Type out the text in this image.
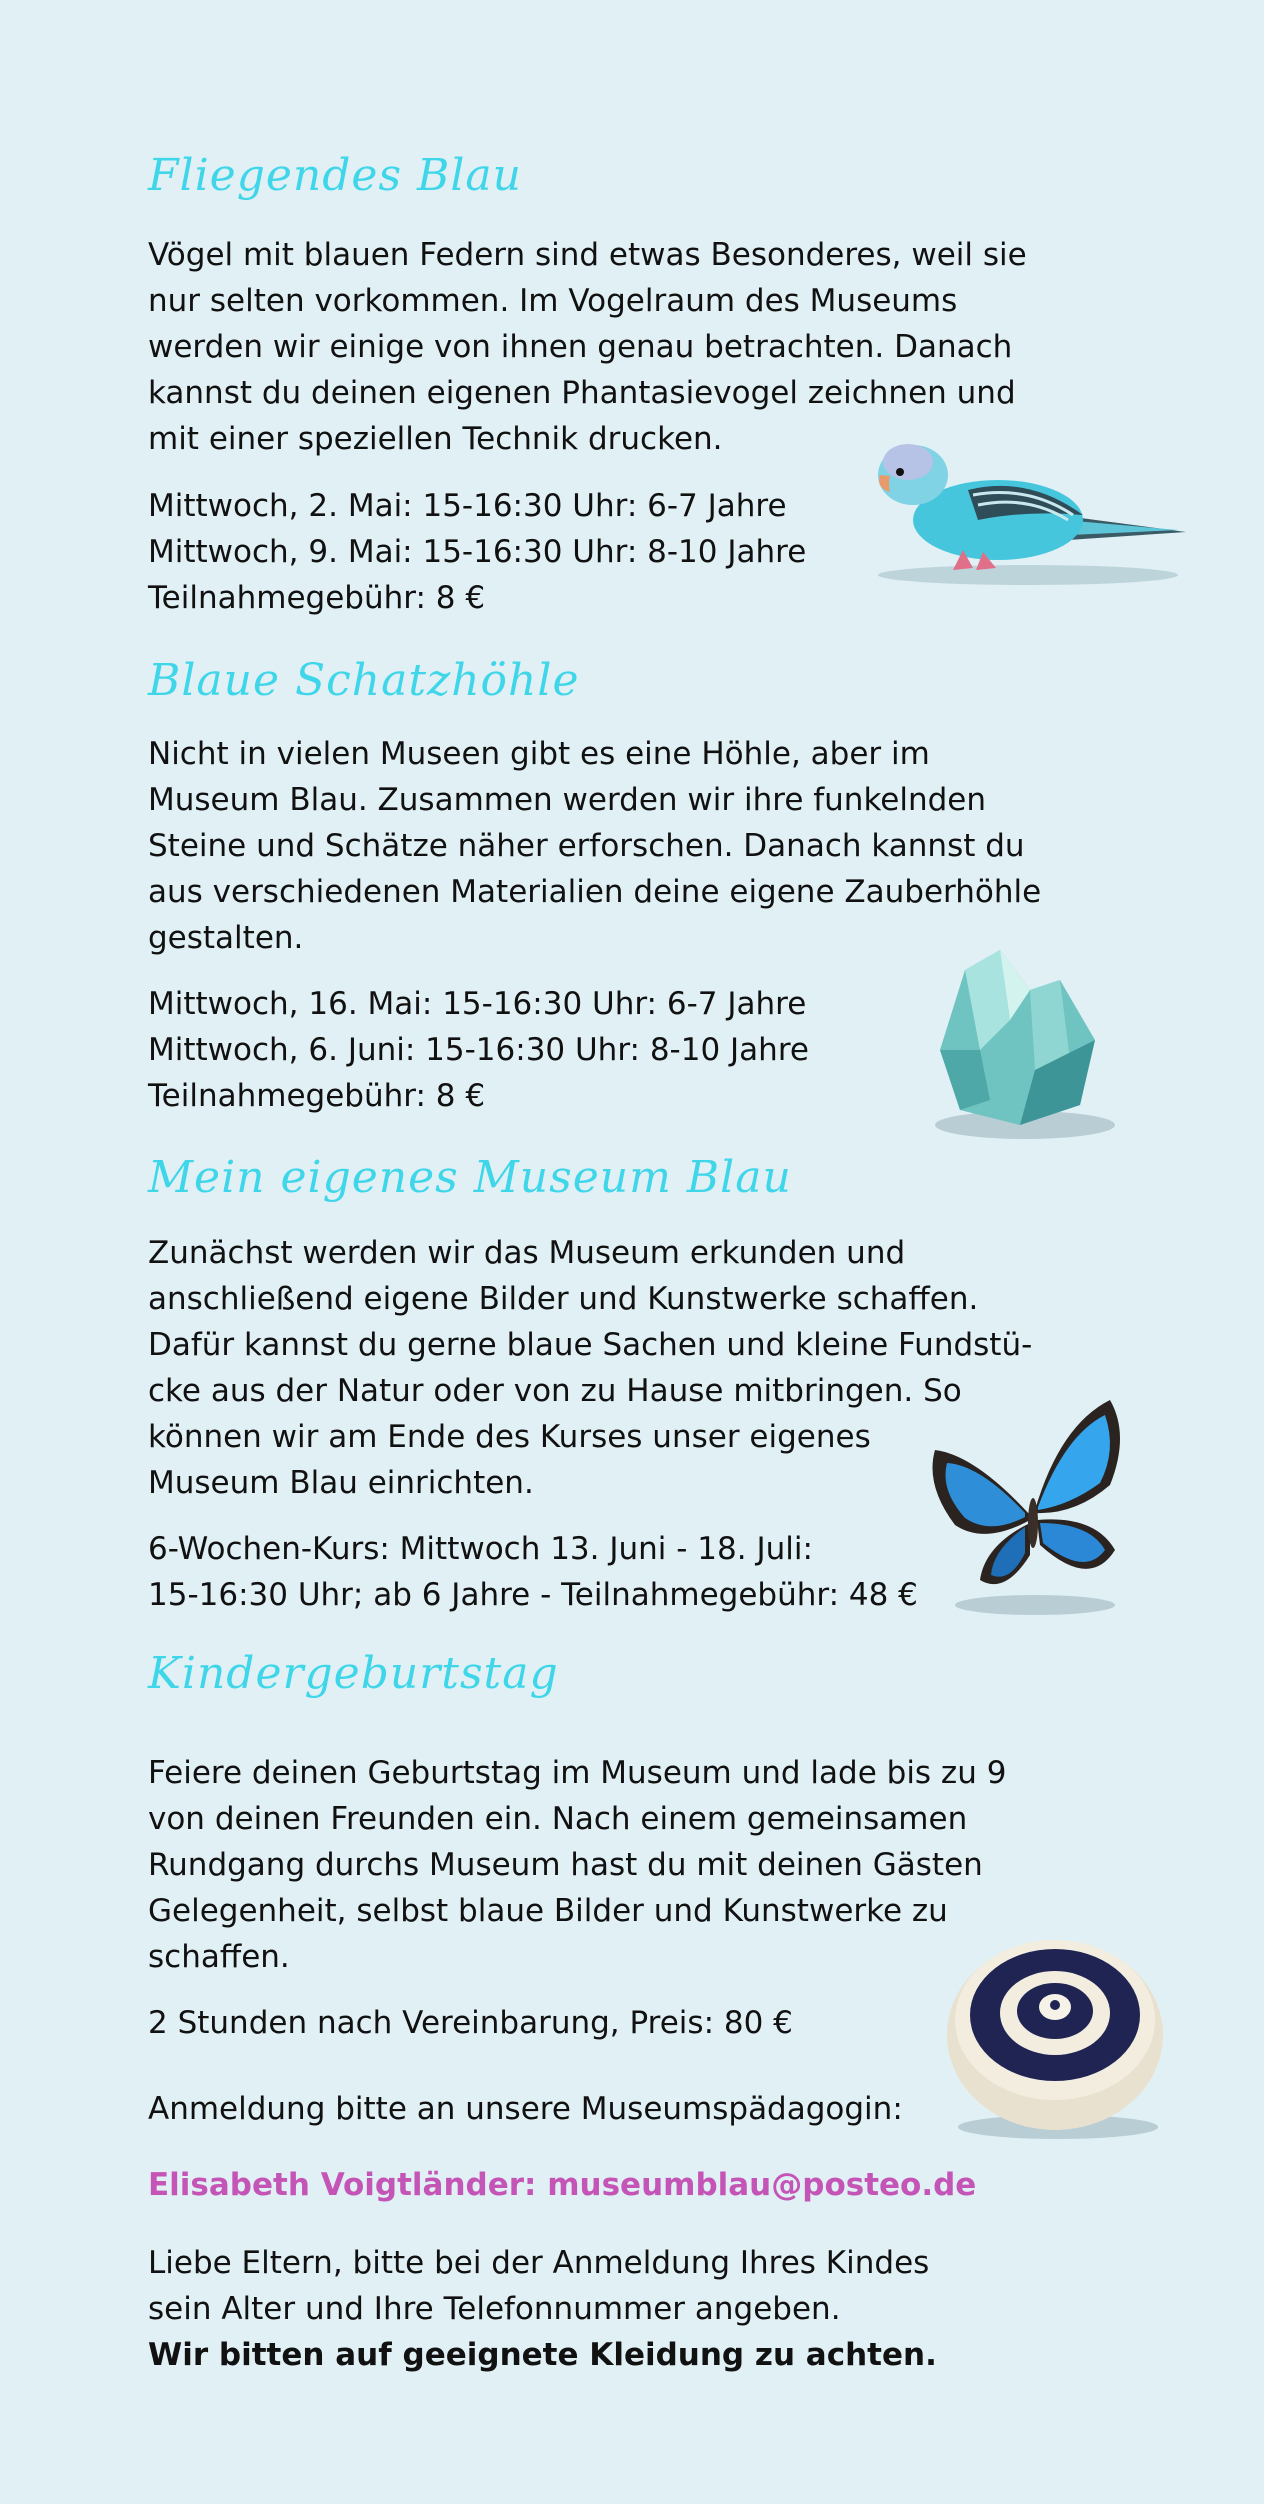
Fliegendes Blau
Vögel mit blauen Federn sind etwas Besonderes, weil sie
nur selten vorkommen. Im Vogelraum des Museums
werden wir einige von ihnen genau betrachten. Danach
kannst du deinen eigenen Phantasievogel zeichnen und
mit einer speziellen Technik drucken.
Mittwoch, 2. Mai: 15-16:30 Uhr: 6-7 Jahre
Mittwoch, 9. Mai: 15-16:30 Uhr: 8-10 Jahre
Teilnahmegebühr: 8 €
Blaue Schatzhöhle
Nicht in vielen Museen gibt es eine Höhle, aber im
Museum Blau. Zusammen werden wir ihre funkelnden
Steine und Schätze näher erforschen. Danach kannst du
aus verschiedenen Materialien deine eigene Zauberhöhle
gestalten.
Mittwoch, 16. Mai: 15-16:30 Uhr: 6-7 Jahre
Mittwoch, 6. Juni: 15-16:30 Uhr: 8-10 Jahre
Teilnahmegebühr: 8 €
Mein eigenes Museum Blau
Zunächst werden wir das Museum erkunden und
anschließend eigene Bilder und Kunstwerke schaffen.
Dafür kannst du gerne blaue Sachen und kleine Fundstü-
cke aus der Natur oder von zu Hause mitbringen. So
können wir am Ende des Kurses unser eigenes
Museum Blau einrichten.
6-Wochen-Kurs: Mittwoch 13. Juni - 18. Juli:
15-16:30 Uhr; ab 6 Jahre - Teilnahmegebühr: 48 €
Kindergeburtstag
Feiere deinen Geburtstag im Museum und lade bis zu 9
von deinen Freunden ein. Nach einem gemeinsamen
Rundgang durchs Museum hast du mit deinen Gästen
Gelegenheit, selbst blaue Bilder und Kunstwerke zu
schaffen.
2 Stunden nach Vereinbarung, Preis: 80 €
Anmeldung bitte an unsere Museumspädagogin:
Elisabeth Voigtländer: museumblau@posteo.de
Liebe Eltern, bitte bei der Anmeldung Ihres Kindes
sein Alter und Ihre Telefonnummer angeben.
Wir bitten auf geeignete Kleidung zu achten.
